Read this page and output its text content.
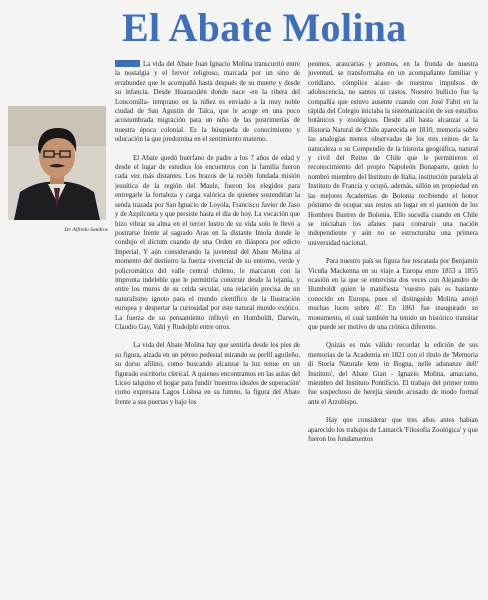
El Abate Molina
Dr. Alfredo Sandros

La vida del Abate Juan Ignacio Molina transcurrió entre la nostalgia y el fervor religioso, marcada por un sino de errabundez que le acompañó hasta después de su muerte y desde su infancia. Desde Huaraculén donde nace -en la ribera del Loncomilla- temprano en la niñez es enviado a la muy noble ciudad de San Agustín de Talca, que le acoge en una poco acostumbrada migración para un niño de las postrimerías de nuestra época colonial. Es la búsqueda de conocimiento y educación la que predomina en el sentimiento materno.

El Abate quedó huérfano de padre a los 7 años de edad y desde el lugar de estudios los encuentros con la familia fueron cada vez más distantes. Los brazos de la recién fundada misión jesuítica de la región del Maule, fueron los elegidos para entregarle la fortaleza y carga valórica de quienes sostendrían la senda trazada por San Ignacio de Loyola, Francisco Javier de Jaso y de Azpilcueta y que persiste hasta el día de hoy. La vocación que hizo vibrar su alma en el tercer lustro de su vida solo le llevó a postrarse frente al sagrado Aras en la distante Imola donde le condujo el dictum cuando de una Orden en diáspora por edicto Imperial. Y aún considerando la juventud del Abate Molina al momento del destierro la fuerza vivencial de su entorno, verde y policromático del valle central chileno, le marcaron con la impronta indeleble que le permitiría construir desde la lejanía, y entre los muros de su celda secular, una relación precisa de un naturalismo ignoto para el mundo científico de la Ilustración europea y despertar la curiosidad por este natural mundo exótico. La fuerza de su pensamiento influyó en Humboldt, Darwin, Claudio Gay, Vahl y Rudolphi entre otros.

La vida del Abate Molina hay que sentirla desde los pies de su figura, alzada en un pétreo pedestal mirando su perfil aguileño, su dorso afilino, como buscando alcanzar la luz tenue en un figurado escritorio clerical. A quienes encontramos en las aulas del Liceo talquino el hogar para fundir 'nuestros ideales de superación' como expresara Lagos Lisboa en su himno, la figura del Abate frente a sus puertas y bajo los

peumos, araucarias y aromos, en la fronda de nuestra juventud, se transformaba en un acompañante familiar y cotidiano, cómplice acaso de nuestros impulsos de adolescencia, no santos ni castos. Nuestro bullicio fue la compañía que estuvo ausente cuando con José Fabri en la rápida del Colegio iniciaba la sistematización de sus estudios botánicos y zoológicos. Desde allí hasta alcanzar a la Historia Natural de Chile aparecida en 1810, memoria sobre las analogías menos observadas de los tres reinos de la naturaleza o su Compendio de la historia geográfica, natural y civil del Reino de Chile que le permitieron el reconocimiento del propio Napoleón Bonaparte, quien lo nombró miembro del Instituto de Italia, institución paralela al Instituto de Francia y ocupó, además, sillón en propiedad en las mejores Academias de Bolonia recibiendo el honor póstumo de ocupar sus restos un lugar en el panteón de los Hombres Ilustres de Bolonia. Ello sucedía cuando en Chile se iniciaban los afanes para construir una nación independiente y aún no se estructuraba una primera universidad nacional.

Para nuestro país su figura fue rescatada por Benjamín Vicuña Mackenna en su viaje a Europa entre 1853 a 1855 ocasión en la que se entrevista dos veces con Alejandro de Humboldt quien le manifiesta 'vuestro país es bastante conocido en Europa, pues el distinguido Molina arrojó muchas luces sobre él'. En 1861 fue inaugurado su monumento, el cual también ha tenido un histórico transitar que puede ser motivo de una crónica diferente.

Quizás es más válido recordar la edición de sus memorias de la Academia en 1821 con el título de 'Memoria di Storia Naturale lette in Bogna, nelle adunanze dell' Instituto', del Abate Gian - Ignazio Molina, amaciano, miembro del Instituto Pontificio. El trabajo del primer tomo fue sospechoso de herejía siendo acusado de modo formal ante el Arzobispo.

Hay que considerar que tres años antes habían aparecido los trabajos de Lamarck 'Filosofía Zoológica' y que fueron los fundamentos
